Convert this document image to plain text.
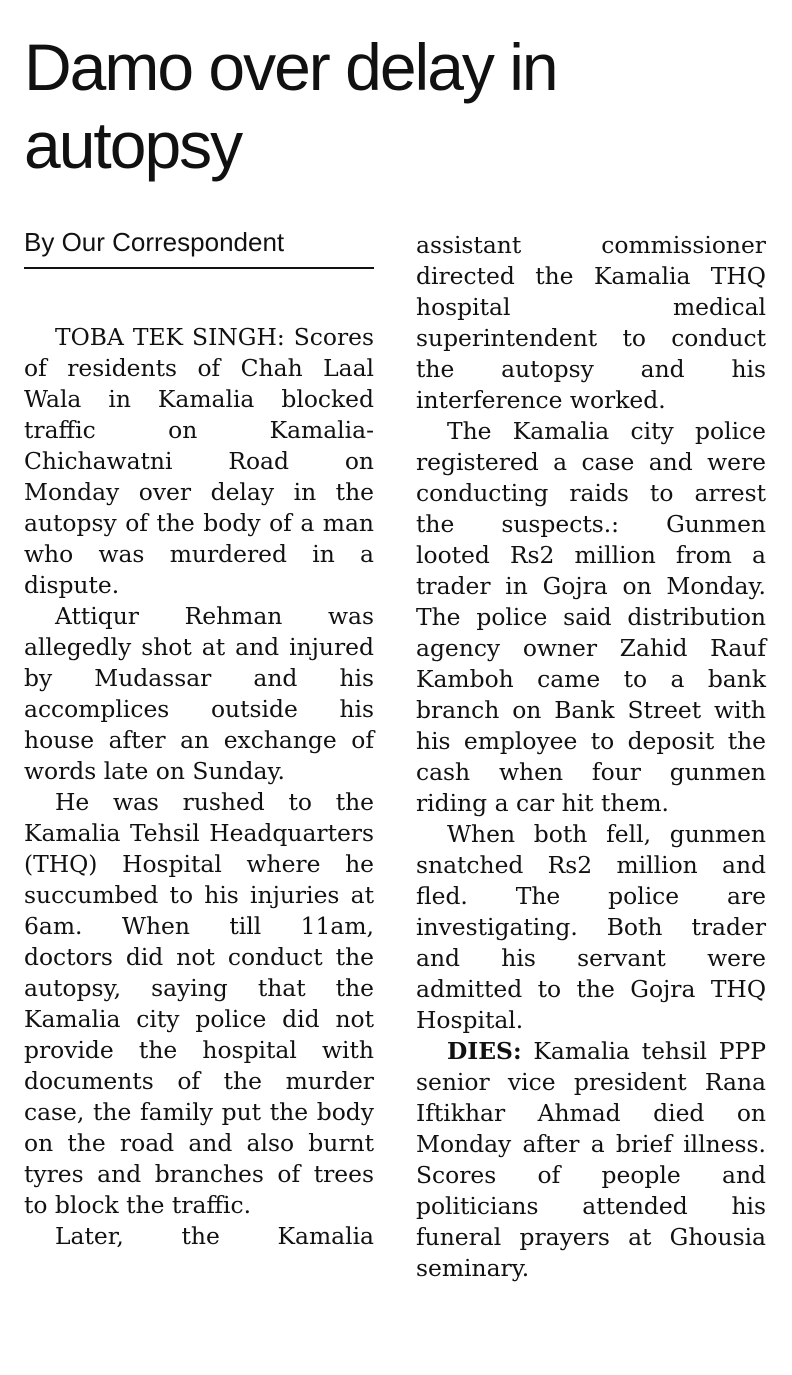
Damo over delay in autopsy
By Our Correspondent

TOBA TEK SINGH: Scores of residents of Chah Laal Wala in Kamalia blocked traffic on Kamalia-Chichawatni Road on Monday over delay in the autopsy of the body of a man who was murdered in a dispute.

Attiqur Rehman was allegedly shot at and injured by Mudassar and his accomplices outside his house after an exchange of words late on Sunday.

He was rushed to the Kamalia Tehsil Headquarters (THQ) Hospital where he succumbed to his injuries at 6am. When till 11am, doctors did not conduct the autopsy, saying that the Kamalia city police did not provide the hospital with documents of the murder case, the family put the body on the road and also burnt tyres and branches of trees to block the traffic.

Later, the Kamalia

assistant commissioner directed the Kamalia THQ hospital medical superintendent to conduct the autopsy and his interference worked.

The Kamalia city police registered a case and were conducting raids to arrest the suspects.: Gunmen looted Rs2 million from a trader in Gojra on Monday. The police said distribution agency owner Zahid Rauf Kamboh came to a bank branch on Bank Street with his employee to deposit the cash when four gunmen riding a car hit them.

When both fell, gunmen snatched Rs2 million and fled. The police are investigating. Both trader and his servant were admitted to the Gojra THQ Hospital.

DIES: Kamalia tehsil PPP senior vice president Rana Iftikhar Ahmad died on Monday after a brief illness. Scores of people and politicians attended his funeral prayers at Ghousia seminary.
